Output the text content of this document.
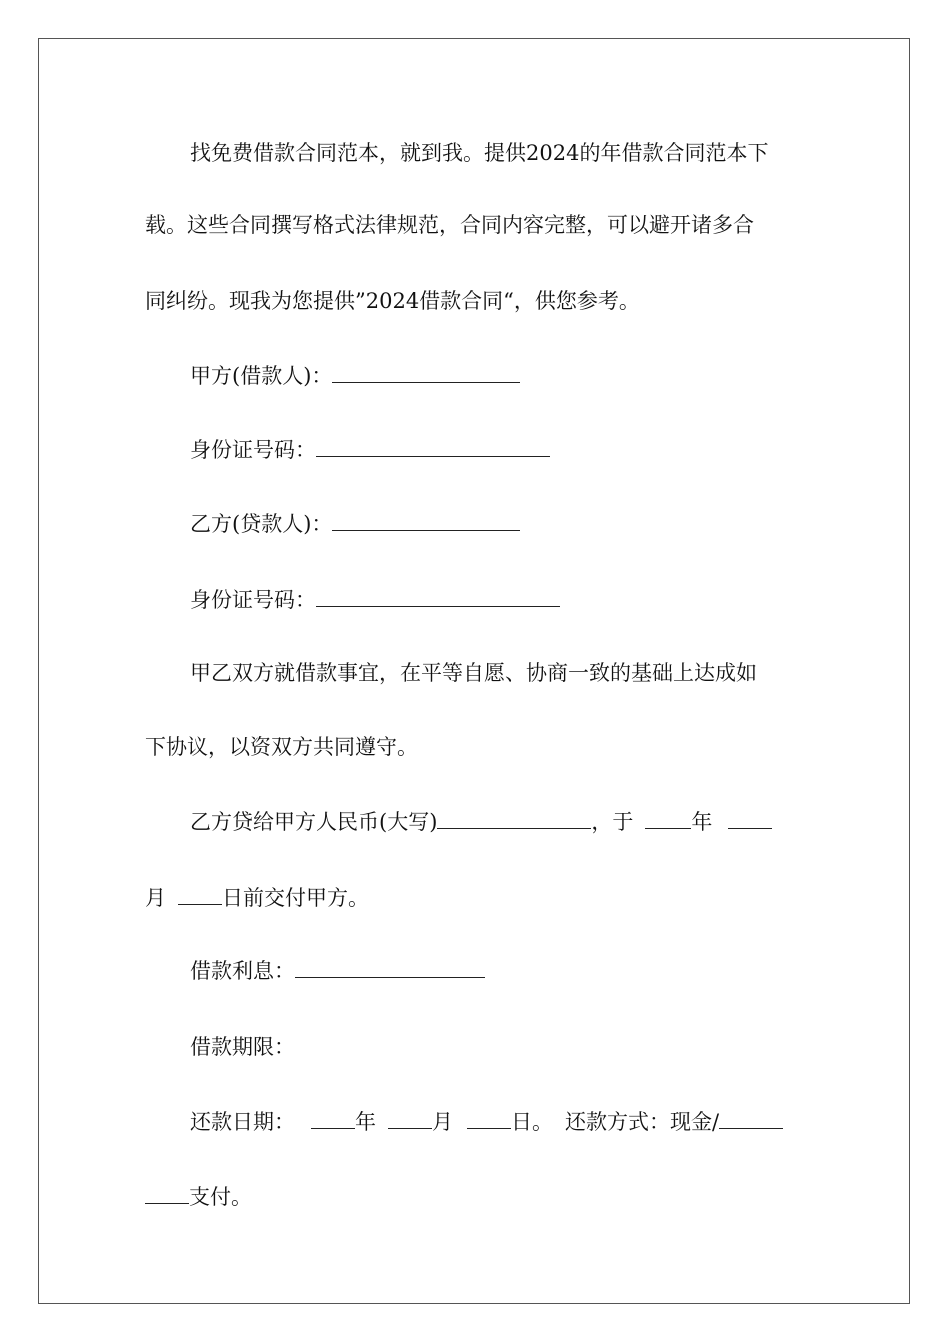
找免费借款合同范本，就到我。提供2024的年借款合同范本下
载。这些合同撰写格式法律规范，合同内容完整，可以避开诸多合
同纠纷。现我为您提供”2024借款合同“，供您参考。
甲方(借款人)：
身份证号码：
乙方(贷款人)：
身份证号码：
甲乙双方就借款事宜，在平等自愿、协商一致的基础上达成如
下协议，以资双方共同遵守。
乙方贷给甲方人民币(大写)	，于	年
月	日前交付甲方。
借款利息：
借款期限：
还款日期：	年	月	日。 还款方式：现金/
支付。
